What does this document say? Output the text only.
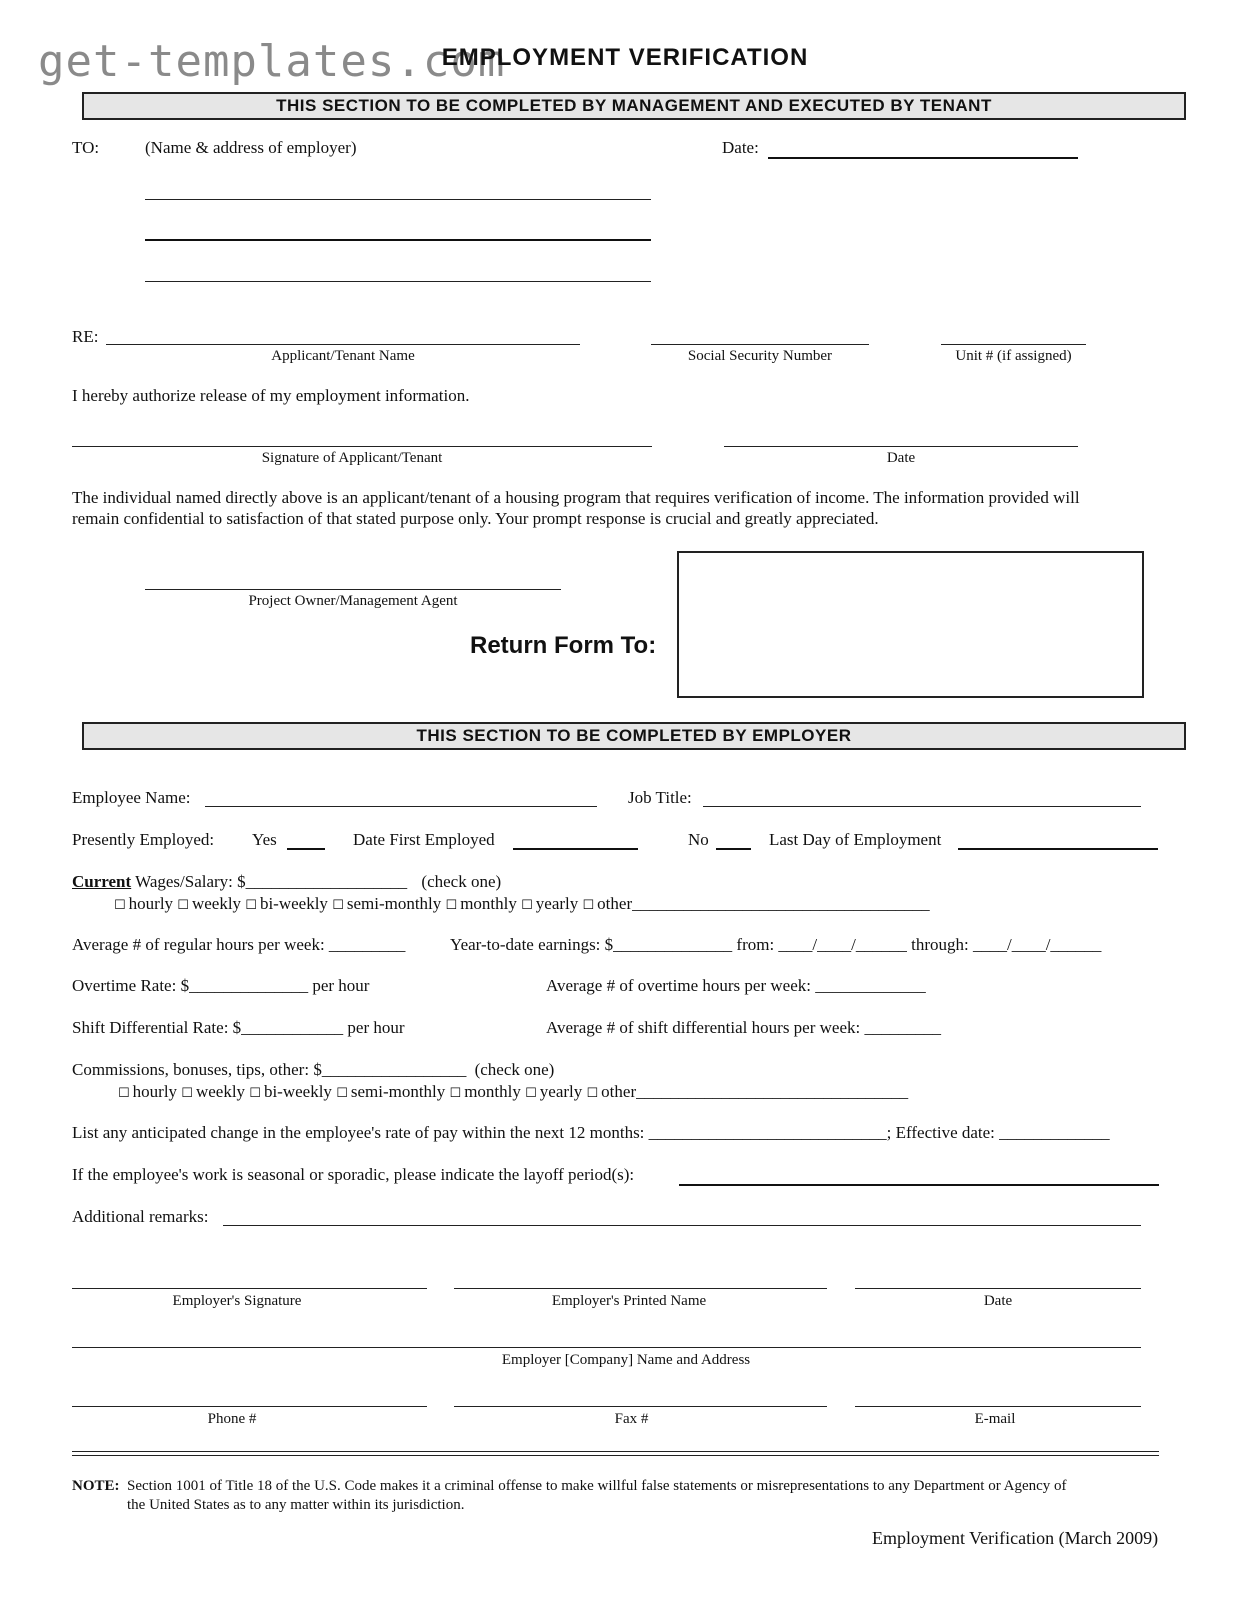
get-templates.com
EMPLOYMENT VERIFICATION
THIS SECTION TO BE COMPLETED BY MANAGEMENT AND EXECUTED BY TENANT
TO:	(Name & address of employer)	Date:
RE:
Applicant/Tenant Name	Social Security Number	Unit # (if assigned)
I hereby authorize release of my employment information.
Signature of Applicant/Tenant	Date
The individual named directly above is an applicant/tenant of a housing program that requires verification of income. The information provided will
remain confidential to satisfaction of that stated purpose only. Your prompt response is crucial and greatly appreciated.
Project Owner/Management Agent
Return Form To:
THIS SECTION TO BE COMPLETED BY EMPLOYER
Employee Name:	Job Title:
Presently Employed: Yes	Date First Employed	No	Last Day of Employment
Current Wages/Salary: $___________________ (check one)
☐ hourly ☐ weekly ☐ bi-weekly ☐ semi-monthly ☐ monthly ☐ yearly ☐ other___________________________________
Average # of regular hours per week: _________	Year-to-date earnings: $______________ from: ____/____/______ through: ____/____/______
Overtime Rate: $______________ per hour	Average # of overtime hours per week: _____________
Shift Differential Rate: $____________ per hour	Average # of shift differential hours per week: _________
Commissions, bonuses, tips, other: $_________________ (check one)
☐ hourly ☐ weekly ☐ bi-weekly ☐ semi-monthly ☐ monthly ☐ yearly ☐ other________________________________
List any anticipated change in the employee's rate of pay within the next 12 months: ____________________________; Effective date: _____________
If the employee's work is seasonal or sporadic, please indicate the layoff period(s):
Additional remarks:
Employer's Signature	Employer's Printed Name	Date
Employer [Company] Name and Address
Phone #	Fax #	E-mail
NOTE: Section 1001 of Title 18 of the U.S. Code makes it a criminal offense to make willful false statements or misrepresentations to any Department or Agency of
the United States as to any matter within its jurisdiction.
Employment Verification (March 2009)
